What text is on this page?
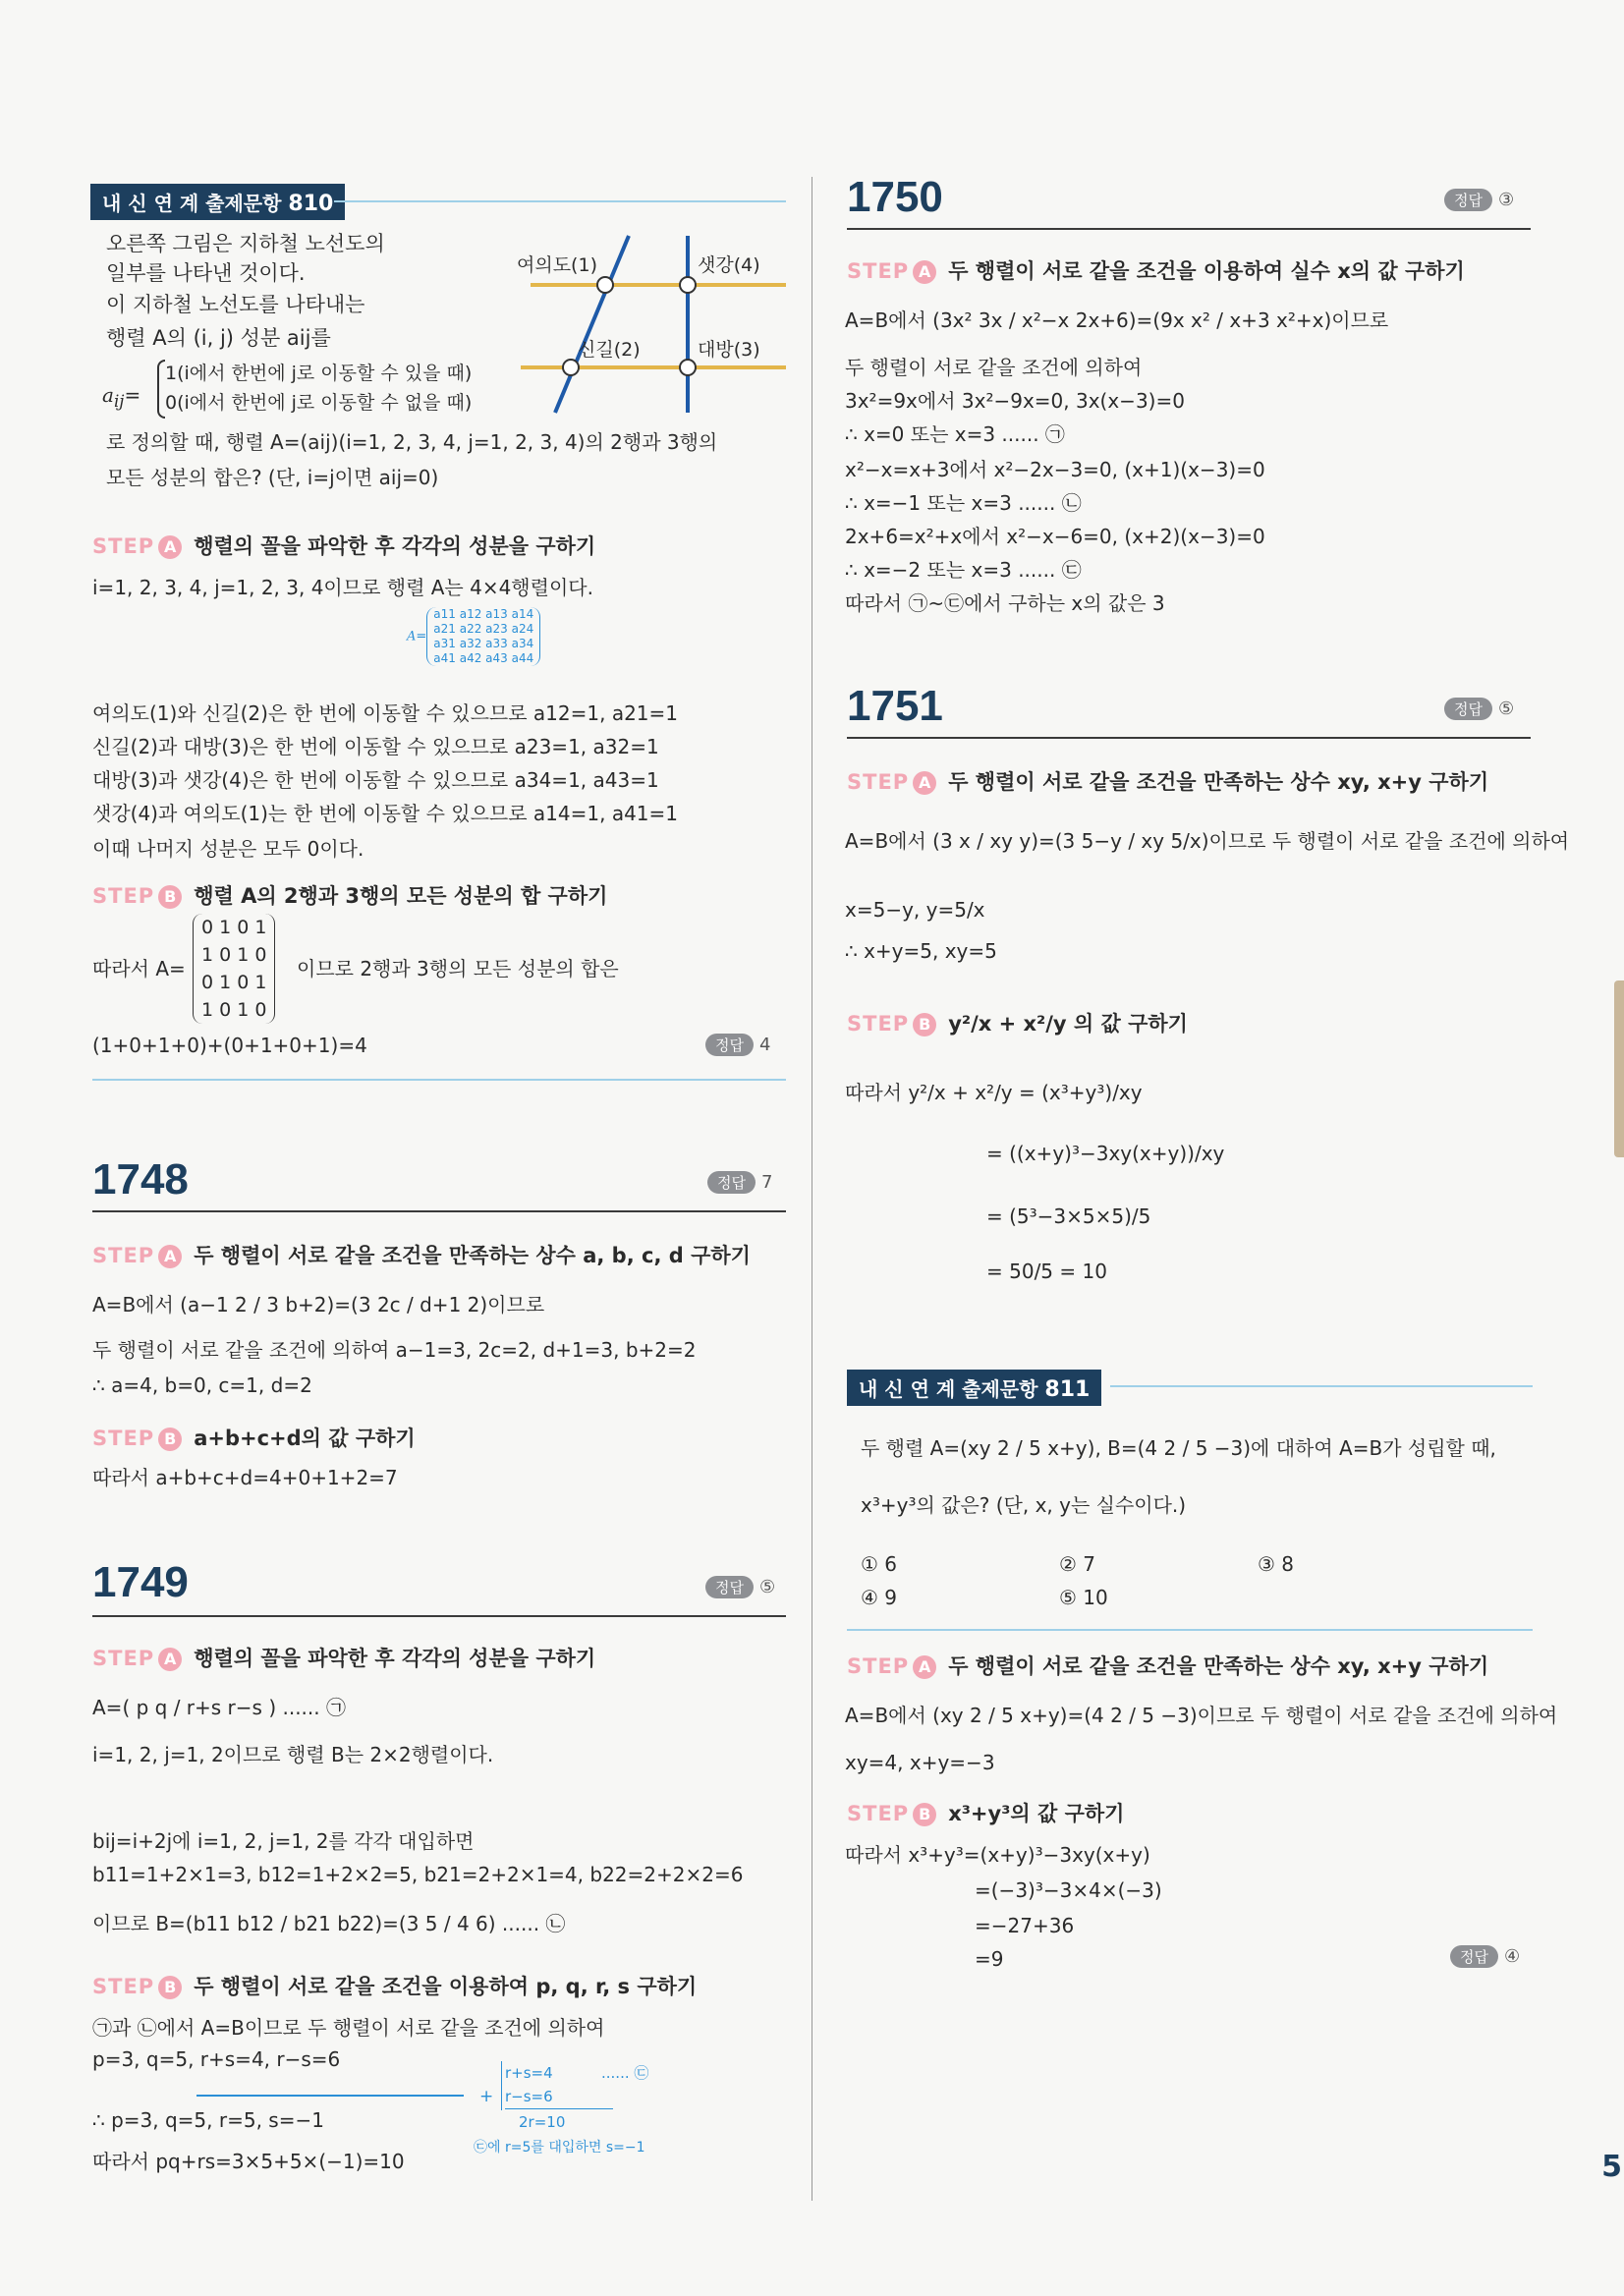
내 신 연 계 출제문항 810
오른쪽 그림은 지하철 노선도의
일부를 나타낸 것이다.
이 지하철 노선도를 나타내는
행렬 A의 (i, j) 성분 aij를
$a_{ij}=$
1(i에서 한번에 j로 이동할 수 있을 때)
0(i에서 한번에 j로 이동할 수 없을 때)
로 정의할 때, 행렬 A=(aij)(i=1, 2, 3, 4, j=1, 2, 3, 4)의 2행과 3행의
모든 성분의 합은? (단, i=j이면 aij=0)
여의도(1)	샛강(4)
신길(2)	대방(3)
STEP A 행렬의 꼴을 파악한 후 각각의 성분을 구하기
i=1, 2, 3, 4, j=1, 2, 3, 4이므로 행렬 A는 4×4행렬이다.
A=a11 a12 a13 a14
a21 a22 a23 a24
a31 a32 a33 a34
a41 a42 a43 a44
여의도(1)와 신길(2)은 한 번에 이동할 수 있으므로 a12=1, a21=1
신길(2)과 대방(3)은 한 번에 이동할 수 있으므로 a23=1, a32=1
대방(3)과 샛강(4)은 한 번에 이동할 수 있으므로 a34=1, a43=1
샛강(4)과 여의도(1)는 한 번에 이동할 수 있으므로 a14=1, a41=1
이때 나머지 성분은 모두 0이다.
STEP B 행렬 A의 2행과 3행의 모든 성분의 합 구하기
따라서 A=
0 1 0 1
1 0 1 0
0 1 0 1
1 0 1 0
이므로 2행과 3행의 모든 성분의 합은
(1+0+1+0)+(0+1+0+1)=4	정답 4
1748	정답 7
STEP A 두 행렬이 서로 같을 조건을 만족하는 상수 a, b, c, d 구하기
A=B에서 (a−1 2 / 3 b+2)=(3 2c / d+1 2)이므로
두 행렬이 서로 같을 조건에 의하여 a−1=3, 2c=2, d+1=3, b+2=2
∴ a=4, b=0, c=1, d=2
STEP B a+b+c+d의 값 구하기
따라서 a+b+c+d=4+0+1+2=7
1749	정답 ⑤
STEP A 행렬의 꼴을 파악한 후 각각의 성분을 구하기
A=( p q / r+s r−s ) ...... ㉠
i=1, 2, j=1, 2이므로 행렬 B는 2×2행렬이다.
bij=i+2j에 i=1, 2, j=1, 2를 각각 대입하면
b11=1+2×1=3, b12=1+2×2=5, b21=2+2×1=4, b22=2+2×2=6
이므로 B=(b11 b12 / b21 b22)=(3 5 / 4 6) ...... ㉡
STEP B 두 행렬이 서로 같을 조건을 이용하여 p, q, r, s 구하기
㉠과 ㉡에서 A=B이므로 두 행렬이 서로 같을 조건에 의하여
p=3, q=5, r+s=4, r−s=6
∴ p=3, q=5, r=5, s=−1
따라서 pq+rs=3×5+5×(−1)=10
r+s=4	...... ㉢
r−s=6
+
2r=10
㉢에 r=5를 대입하면 s=−1
1750	정답 ③
STEP A 두 행렬이 서로 같을 조건을 이용하여 실수 x의 값 구하기
A=B에서 (3x² 3x / x²−x 2x+6)=(9x x² / x+3 x²+x)이므로
두 행렬이 서로 같을 조건에 의하여
3x²=9x에서 3x²−9x=0, 3x(x−3)=0
∴ x=0 또는 x=3 ...... ㉠
x²−x=x+3에서 x²−2x−3=0, (x+1)(x−3)=0
∴ x=−1 또는 x=3 ...... ㉡
2x+6=x²+x에서 x²−x−6=0, (x+2)(x−3)=0
∴ x=−2 또는 x=3 ...... ㉢
따라서 ㉠~㉢에서 구하는 x의 값은 3
1751	정답 ⑤
STEP A 두 행렬이 서로 같을 조건을 만족하는 상수 xy, x+y 구하기
A=B에서 (3 x / xy y)=(3 5−y / xy 5/x)이므로 두 행렬이 서로 같을 조건에 의하여
x=5−y, y=5/x
∴ x+y=5, xy=5
STEP B y²/x + x²/y 의 값 구하기
따라서 y²/x + x²/y = (x³+y³)/xy
= ((x+y)³−3xy(x+y))/xy
= (5³−3×5×5)/5
= 50/5 = 10
내 신 연 계 출제문항 811
두 행렬 A=(xy 2 / 5 x+y), B=(4 2 / 5 −3)에 대하여 A=B가 성립할 때,
x³+y³의 값은? (단, x, y는 실수이다.)
① 6	② 7	③ 8
④ 9	⑤ 10
STEP A 두 행렬이 서로 같을 조건을 만족하는 상수 xy, x+y 구하기
A=B에서 (xy 2 / 5 x+y)=(4 2 / 5 −3)이므로 두 행렬이 서로 같을 조건에 의하여
xy=4, x+y=−3
STEP B x³+y³의 값 구하기
따라서 x³+y³=(x+y)³−3xy(x+y)
=(−3)³−3×4×(−3)
=−27+36
=9	정답 ④
5
